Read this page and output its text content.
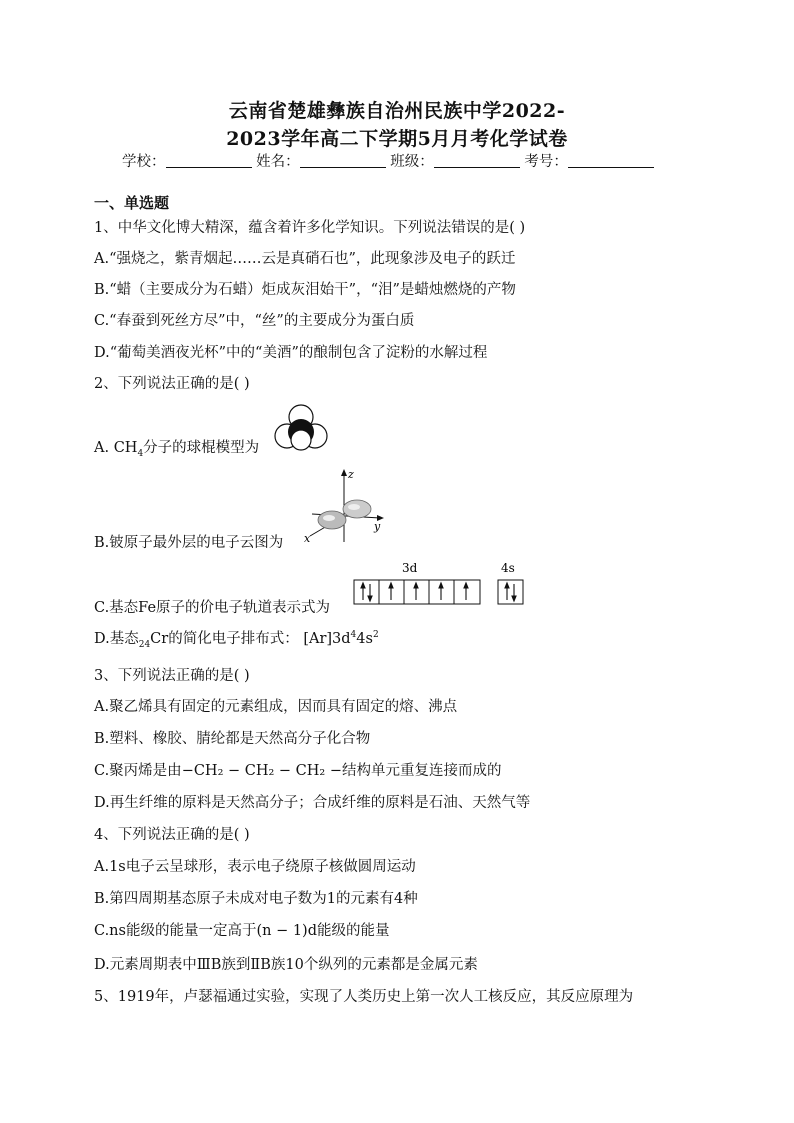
云南省楚雄彝族自治州民族中学2022-
2023学年高二下学期5月月考化学试卷
学校：	姓名：	班级：	考号：
一、单选题
1、中华文化博大精深，蕴含着许多化学知识。下列说法错误的是( )
A.“强烧之，紫青烟起……云是真硝石也”，此现象涉及电子的跃迁
B.“蜡（主要成分为石蜡）炬成灰泪始干”，“泪”是蜡烛燃烧的产物
C.“春蚕到死丝方尽”中，“丝”的主要成分为蛋白质
D.“葡萄美酒夜光杯”中的“美酒”的酿制包含了淀粉的水解过程
2、下列说法正确的是( )
A. $CH_4$分子的球棍模型为
B.铍原子最外层的电子云图为
z
y
x
C.基态Fe原子的价电子轨道表示式为
3d	4s
D.基态$_{24}$Cr的简化电子排布式： $[Ar]3d^44s^2$
3、下列说法正确的是( )
A.聚乙烯具有固定的元素组成，因而具有固定的熔、沸点
B.塑料、橡胶、腈纶都是天然高分子化合物
C.聚丙烯是由−CH₂ − CH₂ − CH₂ −结构单元重复连接而成的
D.再生纤维的原料是天然高分子；合成纤维的原料是石油、天然气等
4、下列说法正确的是( )
A.1s电子云呈球形，表示电子绕原子核做圆周运动
B.第四周期基态原子未成对电子数为1的元素有4种
C.ns能级的能量一定高于(n − 1)d能级的能量
D.元素周期表中ⅢB族到ⅡB族10个纵列的元素都是金属元素
5、1919年，卢瑟福通过实验，实现了人类历史上第一次人工核反应，其反应原理为
